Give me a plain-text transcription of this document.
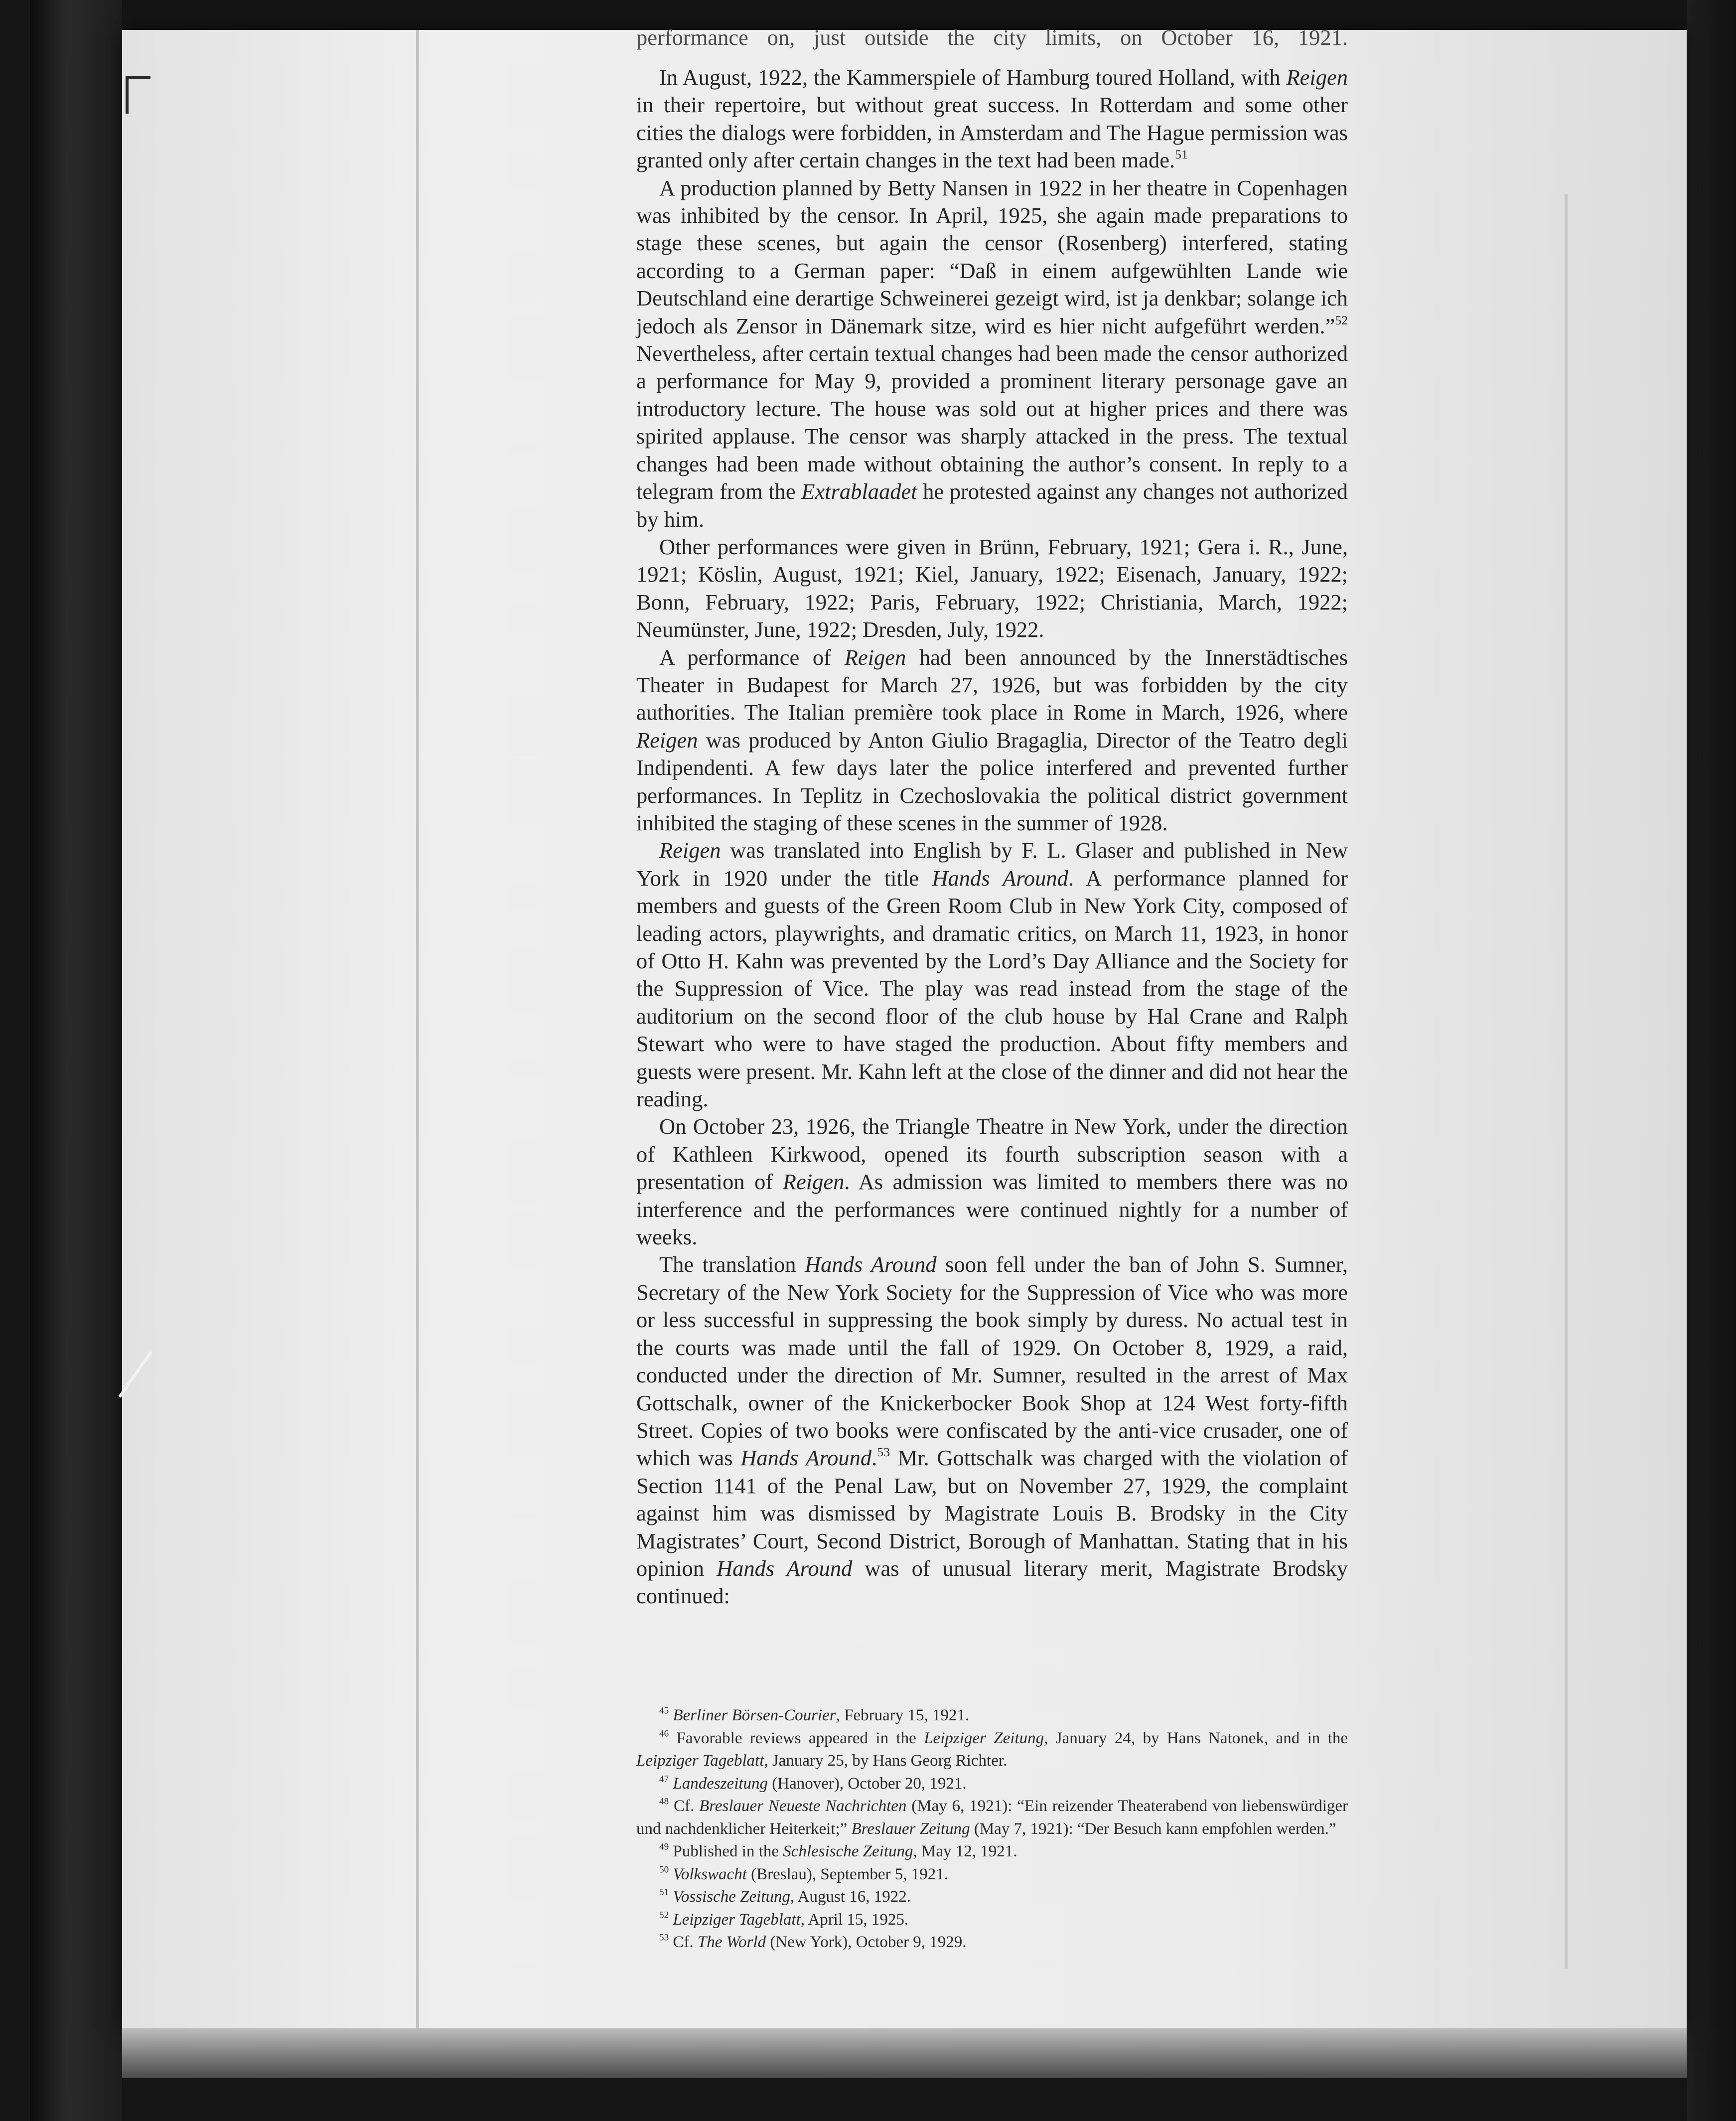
performance on, just outside the city limits, on October 16, 1921.

In August, 1922, the Kammerspiele of Hamburg toured Holland, with Reigen in their repertoire, but without great success. In Rotterdam and some other cities the dialogs were forbidden, in Amsterdam and The Hague permission was granted only after certain changes in the text had been made.$^{51}$

A production planned by Betty Nansen in 1922 in her theatre in Copenhagen was inhibited by the censor. In April, 1925, she again made preparations to stage these scenes, but again the censor (Rosenberg) interfered, stating according to a German paper: “Daß in einem aufgewühlten Lande wie Deutschland eine derartige Schweinerei gezeigt wird, ist ja denkbar; solange ich jedoch als Zensor in Dänemark sitze, wird es hier nicht aufgeführt werden.”$^{52}$ Nevertheless, after certain textual changes had been made the censor authorized a performance for May 9, provided a prominent literary personage gave an introductory lecture. The house was sold out at higher prices and there was spirited applause. The censor was sharply attacked in the press. The textual changes had been made without obtaining the author’s consent. In reply to a telegram from the Extrablaadet he protested against any changes not authorized by him.

Other performances were given in Brünn, February, 1921; Gera i. R., June, 1921; Köslin, August, 1921; Kiel, January, 1922; Eisenach, January, 1922; Bonn, February, 1922; Paris, February, 1922; Christiania, March, 1922; Neumünster, June, 1922; Dresden, July, 1922.

A performance of Reigen had been announced by the Innerstädtisches Theater in Budapest for March 27, 1926, but was forbidden by the city authorities. The Italian première took place in Rome in March, 1926, where Reigen was produced by Anton Giulio Bragaglia, Director of the Teatro degli Indipendenti. A few days later the police interfered and prevented further performances. In Teplitz in Czechoslovakia the political district government inhibited the staging of these scenes in the summer of 1928.

Reigen was translated into English by F. L. Glaser and published in New York in 1920 under the title Hands Around. A performance planned for members and guests of the Green Room Club in New York City, composed of leading actors, playwrights, and dramatic critics, on March 11, 1923, in honor of Otto H. Kahn was prevented by the Lord’s Day Alliance and the Society for the Suppression of Vice. The play was read instead from the stage of the auditorium on the second floor of the club house by Hal Crane and Ralph Stewart who were to have staged the production. About fifty members and guests were present. Mr. Kahn left at the close of the dinner and did not hear the reading.

On October 23, 1926, the Triangle Theatre in New York, under the direction of Kathleen Kirkwood, opened its fourth subscription season with a presentation of Reigen. As admission was limited to members there was no interference and the performances were continued nightly for a number of weeks.

The translation Hands Around soon fell under the ban of John S. Sumner, Secretary of the New York Society for the Suppression of Vice who was more or less successful in suppressing the book simply by duress. No actual test in the courts was made until the fall of 1929. On October 8, 1929, a raid, conducted under the direction of Mr. Sumner, resulted in the arrest of Max Gottschalk, owner of the Knickerbocker Book Shop at 124 West forty-fifth Street. Copies of two books were confiscated by the anti-vice crusader, one of which was Hands Around.$^{53}$ Mr. Gottschalk was charged with the violation of Section 1141 of the Penal Law, but on November 27, 1929, the complaint against him was dismissed by Magistrate Louis B. Brodsky in the City Magistrates’ Court, Second District, Borough of Manhattan. Stating that in his opinion Hands Around was of unusual literary merit, Magistrate Brodsky continued:

$^{45}$ Berliner Börsen-Courier, February 15, 1921.

$^{46}$ Favorable reviews appeared in the Leipziger Zeitung, January 24, by Hans Natonek, and in the Leipziger Tageblatt, January 25, by Hans Georg Richter.

$^{47}$ Landeszeitung (Hanover), October 20, 1921.

$^{48}$ Cf. Breslauer Neueste Nachrichten (May 6, 1921): “Ein reizender Theaterabend von liebenswürdiger und nachdenklicher Heiterkeit;” Breslauer Zeitung (May 7, 1921): “Der Besuch kann empfohlen werden.”

$^{49}$ Published in the Schlesische Zeitung, May 12, 1921.

$^{50}$ Volkswacht (Breslau), September 5, 1921.

$^{51}$ Vossische Zeitung, August 16, 1922.

$^{52}$ Leipziger Tageblatt, April 15, 1925.

$^{53}$ Cf. The World (New York), October 9, 1929.
